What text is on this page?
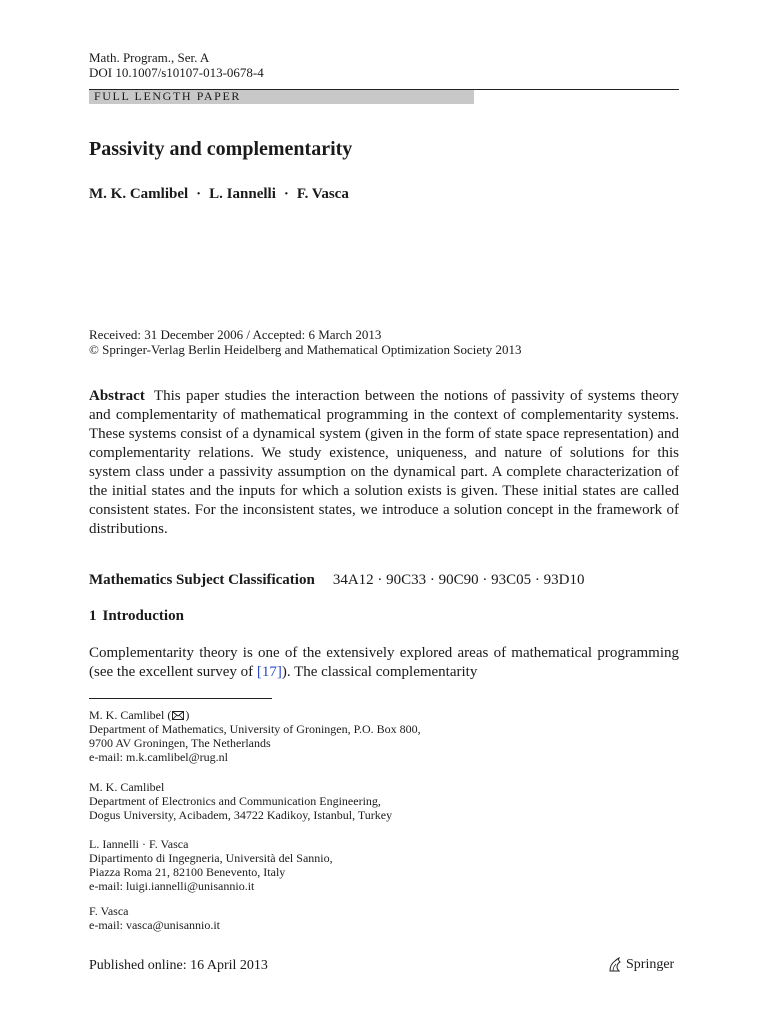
Math. Program., Ser. A
DOI 10.1007/s10107-013-0678-4
FULL LENGTH PAPER
Passivity and complementarity
M. K. Camlibel · L. Iannelli · F. Vasca
Received: 31 December 2006 / Accepted: 6 March 2013
© Springer-Verlag Berlin Heidelberg and Mathematical Optimization Society 2013
Abstract This paper studies the interaction between the notions of passivity of systems theory and complementarity of mathematical programming in the context of complementarity systems. These systems consist of a dynamical system (given in the form of state space representation) and complementarity relations. We study existence, uniqueness, and nature of solutions for this system class under a passivity assumption on the dynamical part. A complete characterization of the initial states and the inputs for which a solution exists is given. These initial states are called consistent states. For the inconsistent states, we introduce a solution concept in the framework of distributions.
Mathematics Subject Classification 34A12 · 90C33 · 90C90 · 93C05 · 93D10
1 Introduction
Complementarity theory is one of the extensively explored areas of mathematical programming (see the excellent survey of [17]). The classical complementarity
M. K. Camlibel ( )
Department of Mathematics, University of Groningen, P.O. Box 800,
9700 AV Groningen, The Netherlands
e-mail: m.k.camlibel@rug.nl
M. K. Camlibel
Department of Electronics and Communication Engineering,
Dogus University, Acibadem, 34722 Kadikoy, Istanbul, Turkey
L. Iannelli · F. Vasca
Dipartimento di Ingegneria, Università del Sannio,
Piazza Roma 21, 82100 Benevento, Italy
e-mail: luigi.iannelli@unisannio.it
F. Vasca
e-mail: vasca@unisannio.it
Published online: 16 April 2013	Springer
